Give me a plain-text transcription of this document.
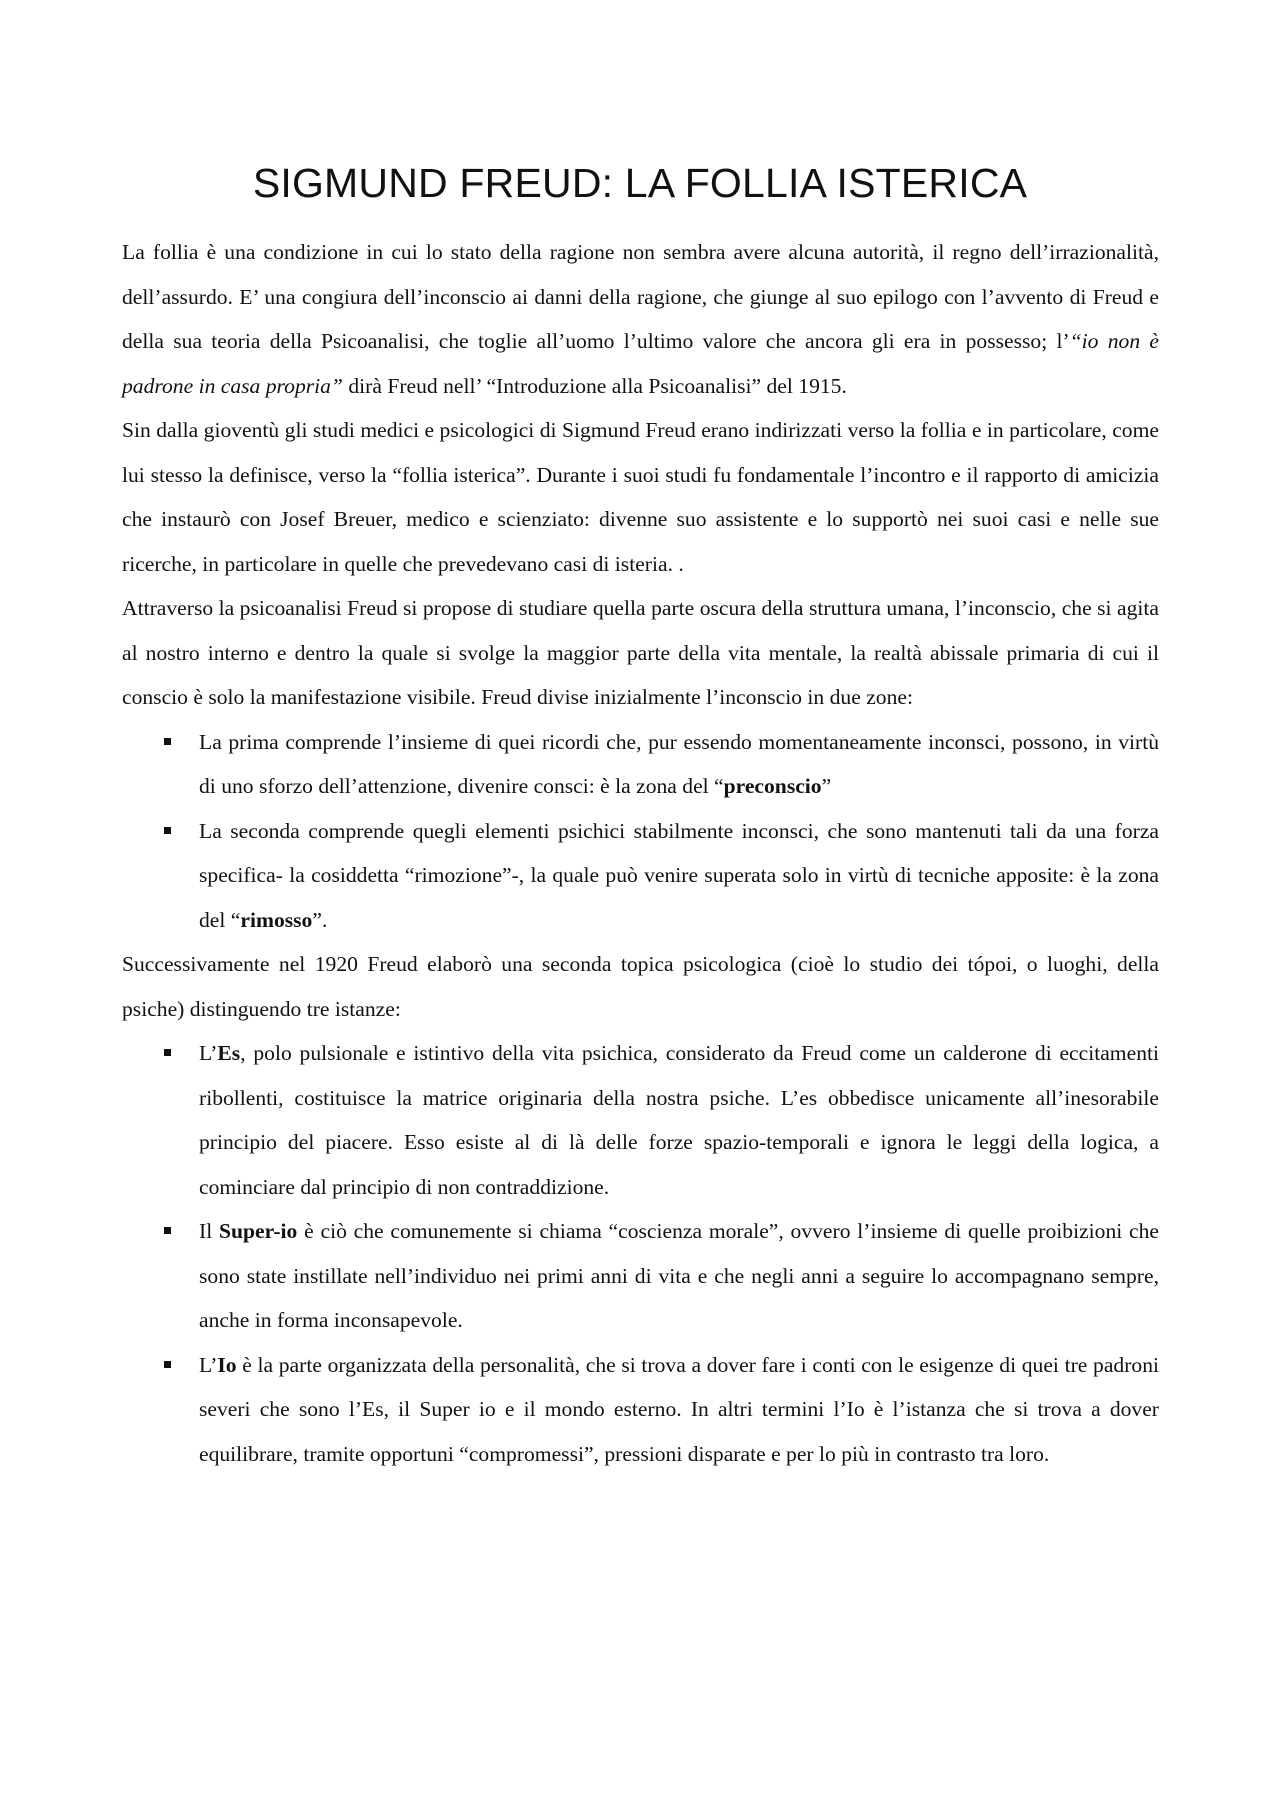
SIGMUND FREUD: LA FOLLIA ISTERICA

La follia è una condizione in cui lo stato della ragione non sembra avere alcuna autorità, il regno dell’irrazionalità, dell’assurdo. E’ una congiura dell’inconscio ai danni della ragione, che giunge al suo epilogo con l’avvento di Freud e della sua teoria della Psicoanalisi, che toglie all’uomo l’ultimo valore che ancora gli era in possesso; l’“io non è padrone in casa propria” dirà Freud nell’ “Introduzione alla Psicoanalisi” del 1915.

Sin dalla gioventù gli studi medici e psicologici di Sigmund Freud erano indirizzati verso la follia e in particolare, come lui stesso la definisce, verso la “follia isterica”. Durante i suoi studi fu fondamentale l’incontro e il rapporto di amicizia che instaurò con Josef Breuer, medico e scienziato: divenne suo assistente e lo supportò nei suoi casi e nelle sue ricerche, in particolare in quelle che prevedevano casi di isteria. .

Attraverso la psicoanalisi Freud si propose di studiare quella parte oscura della struttura umana, l’inconscio, che si agita al nostro interno e dentro la quale si svolge la maggior parte della vita mentale, la realtà abissale primaria di cui il conscio è solo la manifestazione visibile. Freud divise inizialmente l’inconscio in due zone:

La prima comprende l’insieme di quei ricordi che, pur essendo momentaneamente inconsci, possono, in virtù di uno sforzo dell’attenzione, divenire consci: è la zona del “preconscio”
La seconda comprende quegli elementi psichici stabilmente inconsci, che sono mantenuti tali da una forza specifica- la cosiddetta “rimozione”-, la quale può venire superata solo in virtù di tecniche apposite: è la zona del “rimosso”.

Successivamente nel 1920 Freud elaborò una seconda topica psicologica (cioè lo studio dei tópoi, o luoghi, della psiche) distinguendo tre istanze:

L’Es, polo pulsionale e istintivo della vita psichica, considerato da Freud come un calderone di eccitamenti ribollenti, costituisce la matrice originaria della nostra psiche. L’es obbedisce unicamente all’inesorabile principio del piacere. Esso esiste al di là delle forze spazio-temporali e ignora le leggi della logica, a cominciare dal principio di non contraddizione.
Il Super-io è ciò che comunemente si chiama “coscienza morale”, ovvero l’insieme di quelle proibizioni che sono state instillate nell’individuo nei primi anni di vita e che negli anni a seguire lo accompagnano sempre, anche in forma inconsapevole.
L’Io è la parte organizzata della personalità, che si trova a dover fare i conti con le esigenze di quei tre padroni severi che sono l’Es, il Super io e il mondo esterno. In altri termini l’Io è l’istanza che si trova a dover equilibrare, tramite opportuni “compromessi”, pressioni disparate e per lo più in contrasto tra loro.
